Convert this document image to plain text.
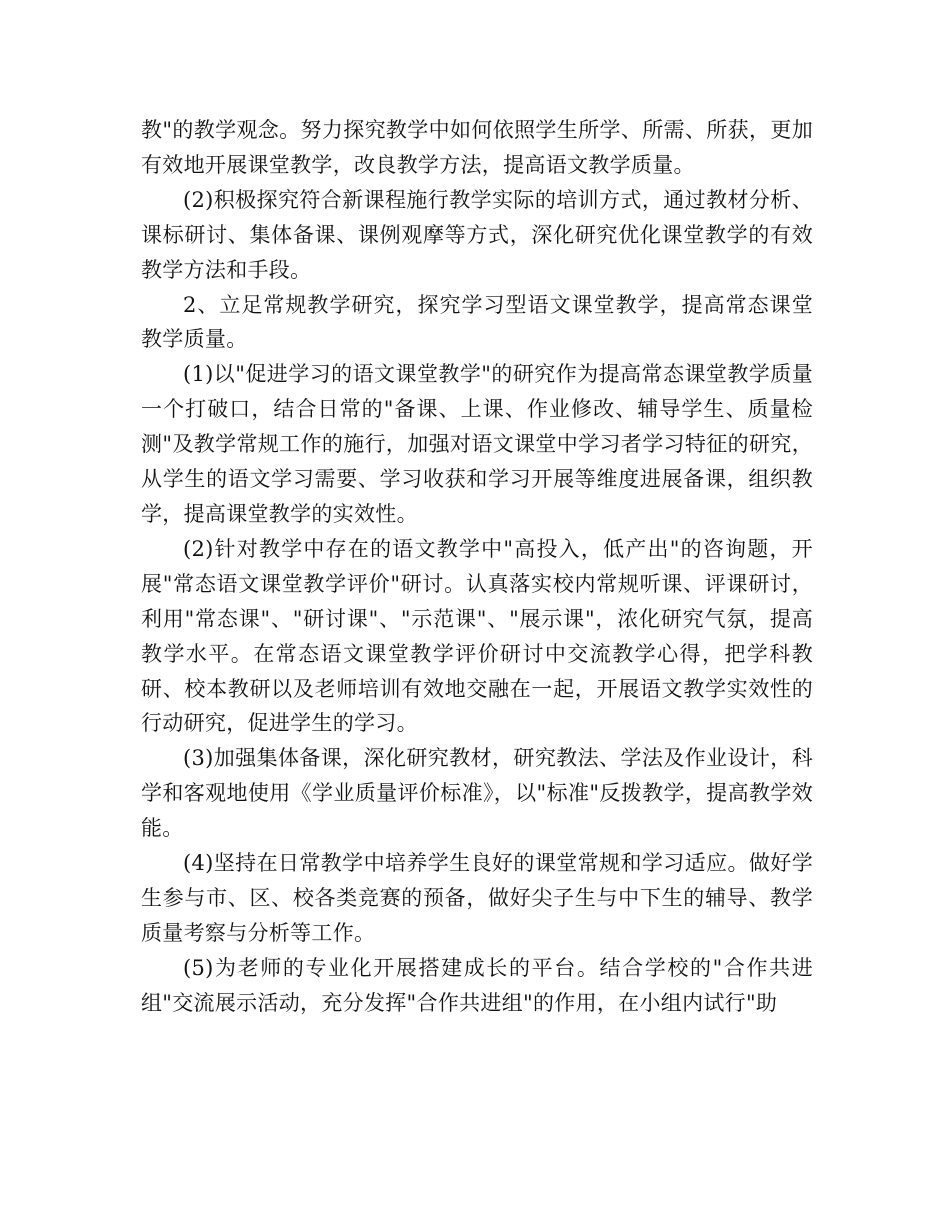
教"的教学观念。努力探究教学中如何依照学生所学、所需、所获，更加有效地开展课堂教学，改良教学方法，提高语文教学质量。

(2)积极探究符合新课程施行教学实际的培训方式，通过教材分析、课标研讨、集体备课、课例观摩等方式，深化研究优化课堂教学的有效教学方法和手段。

2、立足常规教学研究，探究学习型语文课堂教学，提高常态课堂教学质量。

(1)以"促进学习的语文课堂教学"的研究作为提高常态课堂教学质量一个打破口，结合日常的"备课、上课、作业修改、辅导学生、质量检测"及教学常规工作的施行，加强对语文课堂中学习者学习特征的研究，从学生的语文学习需要、学习收获和学习开展等维度进展备课，组织教学，提高课堂教学的实效性。

(2)针对教学中存在的语文教学中"高投入，低产出"的咨询题，开展"常态语文课堂教学评价"研讨。认真落实校内常规听课、评课研讨，利用"常态课"、"研讨课"、"示范课"、"展示课"，浓化研究气氛，提高教学水平。在常态语文课堂教学评价研讨中交流教学心得，把学科教研、校本教研以及老师培训有效地交融在一起，开展语文教学实效性的行动研究，促进学生的学习。

(3)加强集体备课，深化研究教材，研究教法、学法及作业设计，科学和客观地使用《学业质量评价标准》，以"标准"反拨教学，提高教学效能。

(4)坚持在日常教学中培养学生良好的课堂常规和学习适应。做好学生参与市、区、校各类竞赛的预备，做好尖子生与中下生的辅导、教学质量考察与分析等工作。

(5)为老师的专业化开展搭建成长的平台。结合学校的"合作共进组"交流展示活动，充分发挥"合作共进组"的作用，在小组内试行"助
